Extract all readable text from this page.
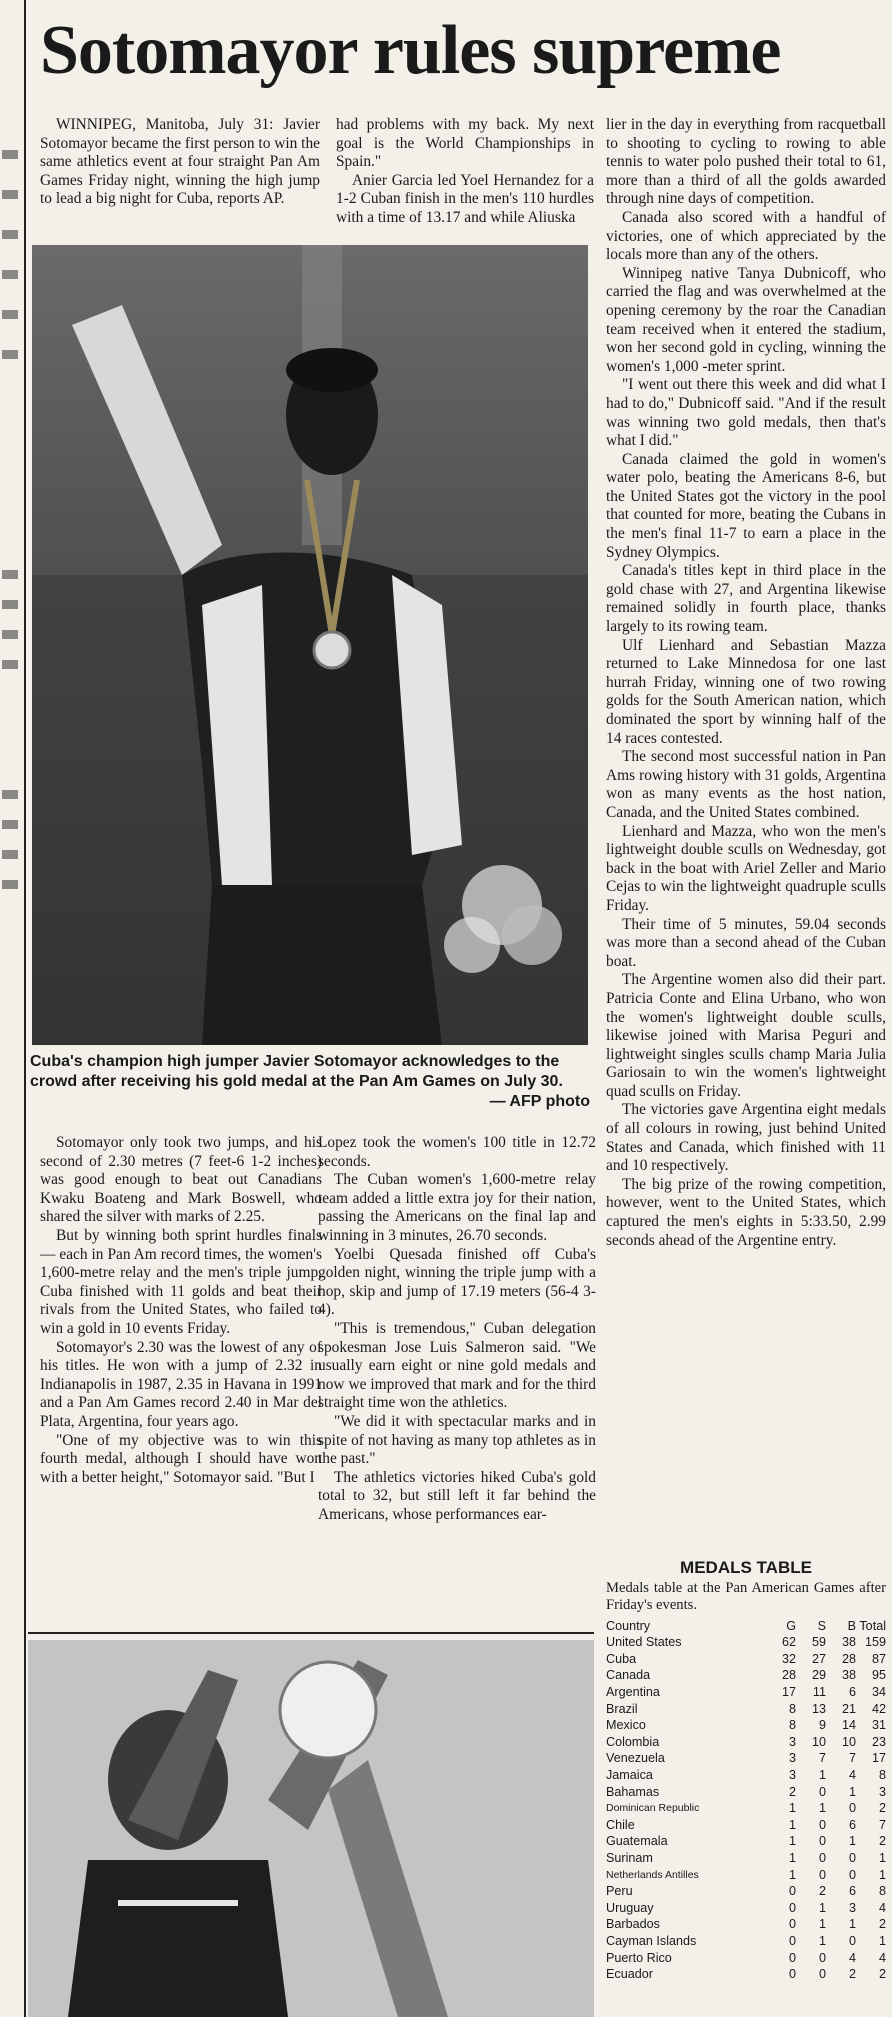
Sotomayor rules supreme

WINNIPEG, Manitoba, July 31: Javier Sotomayor became the first person to win the same athletics event at four straight Pan Am Games Friday night, winning the high jump to lead a big night for Cuba, reports AP.

had problems with my back. My next goal is the World Championships in Spain."

Anier Garcia led Yoel Hernandez for a 1-2 Cuban finish in the men's 110 hurdles with a time of 13.17 and while Aliuska

lier in the day in everything from racquetball to shooting to cycling to rowing to able tennis to water polo pushed their total to 61, more than a third of all the golds awarded through nine days of competition.

Canada also scored with a handful of victories, one of which appreciated by the locals more than any of the others.

Winnipeg native Tanya Dubnicoff, who carried the flag and was overwhelmed at the opening ceremony by the roar the Canadian team received when it entered the stadium, won her second gold in cycling, winning the women's 1,000 -meter sprint.

"I went out there this week and did what I had to do," Dubnicoff said. "And if the result was winning two gold medals, then that's what I did."

Canada claimed the gold in women's water polo, beating the Americans 8-6, but the United States got the victory in the pool that counted for more, beating the Cubans in the men's final 11-7 to earn a place in the Sydney Olympics.

Canada's titles kept in third place in the gold chase with 27, and Argentina likewise remained solidly in fourth place, thanks largely to its rowing team.

Ulf Lienhard and Sebastian Mazza returned to Lake Minnedosa for one last hurrah Friday, winning one of two rowing golds for the South American nation, which dominated the sport by winning half of the 14 races contested.

The second most successful nation in Pan Ams rowing history with 31 golds, Argentina won as many events as the host nation, Canada, and the United States combined.

Lienhard and Mazza, who won the men's lightweight double sculls on Wednesday, got back in the boat with Ariel Zeller and Mario Cejas to win the lightweight quadruple sculls Friday.

Their time of 5 minutes, 59.04 seconds was more than a second ahead of the Cuban boat.

The Argentine women also did their part. Patricia Conte and Elina Urbano, who won the women's lightweight double sculls, likewise joined with Marisa Peguri and lightweight singles sculls champ Maria Julia Gariosain to win the women's lightweight quad sculls on Friday.

The victories gave Argentina eight medals of all colours in rowing, just behind United States and Canada, which finished with 11 and 10 respectively.

The big prize of the rowing competition, however, went to the United States, which captured the men's eights in 5:33.50, 2.99 seconds ahead of the Argentine entry.

Cuba's champion high jumper Javier Sotomayor acknowledges to the crowd after receiving his gold medal at the Pan Am Games on July 30.
— AFP photo

Sotomayor only took two jumps, and his second of 2.30 metres (7 feet-6 1-2 inches) was good enough to beat out Canadians Kwaku Boateng and Mark Boswell, who shared the silver with marks of 2.25.

But by winning both sprint hurdles finals — each in Pan Am record times, the women's 1,600-metre relay and the men's triple jump, Cuba finished with 11 golds and beat their rivals from the United States, who failed to win a gold in 10 events Friday.

Sotomayor's 2.30 was the lowest of any of his titles. He won with a jump of 2.32 in Indianapolis in 1987, 2.35 in Havana in 1991 and a Pan Am Games record 2.40 in Mar del Plata, Argentina, four years ago.

"One of my objective was to win this fourth medal, although I should have won with a better height," Sotomayor said. "But I

Lopez took the women's 100 title in 12.72 seconds.

The Cuban women's 1,600-metre relay team added a little extra joy for their nation, passing the Americans on the final lap and winning in 3 minutes, 26.70 seconds.

Yoelbi Quesada finished off Cuba's golden night, winning the triple jump with a hop, skip and jump of 17.19 meters (56-4 3-4).

"This is tremendous," Cuban delegation spokesman Jose Luis Salmeron said. "We usually earn eight or nine gold medals and now we improved that mark and for the third straight time won the athletics.

"We did it with spectacular marks and in spite of not having as many top athletes as in the past."

The athletics victories hiked Cuba's gold total to 32, but still left it far behind the Americans, whose performances ear-

MEDALS TABLE
Medals table at the Pan American Games after Friday's events.
Country	G	S	B	Total
United States	62	59	38	159
Cuba	32	27	28	87
Canada	28	29	38	95
Argentina	17	11	6	34
Brazil	8	13	21	42
Mexico	8	9	14	31
Colombia	3	10	10	23
Venezuela	3	7	7	17
Jamaica	3	1	4	8
Bahamas	2	0	1	3
Dominican Republic	1	1	0	2
Chile	1	0	6	7
Guatemala	1	0	1	2
Surinam	1	0	0	1
Netherlands Antilles	1	0	0	1
Peru	0	2	6	8
Uruguay	0	1	3	4
Barbados	0	1	1	2
Cayman Islands	0	1	0	1
Puerto Rico	0	0	4	4
Ecuador	0	0	2	2
